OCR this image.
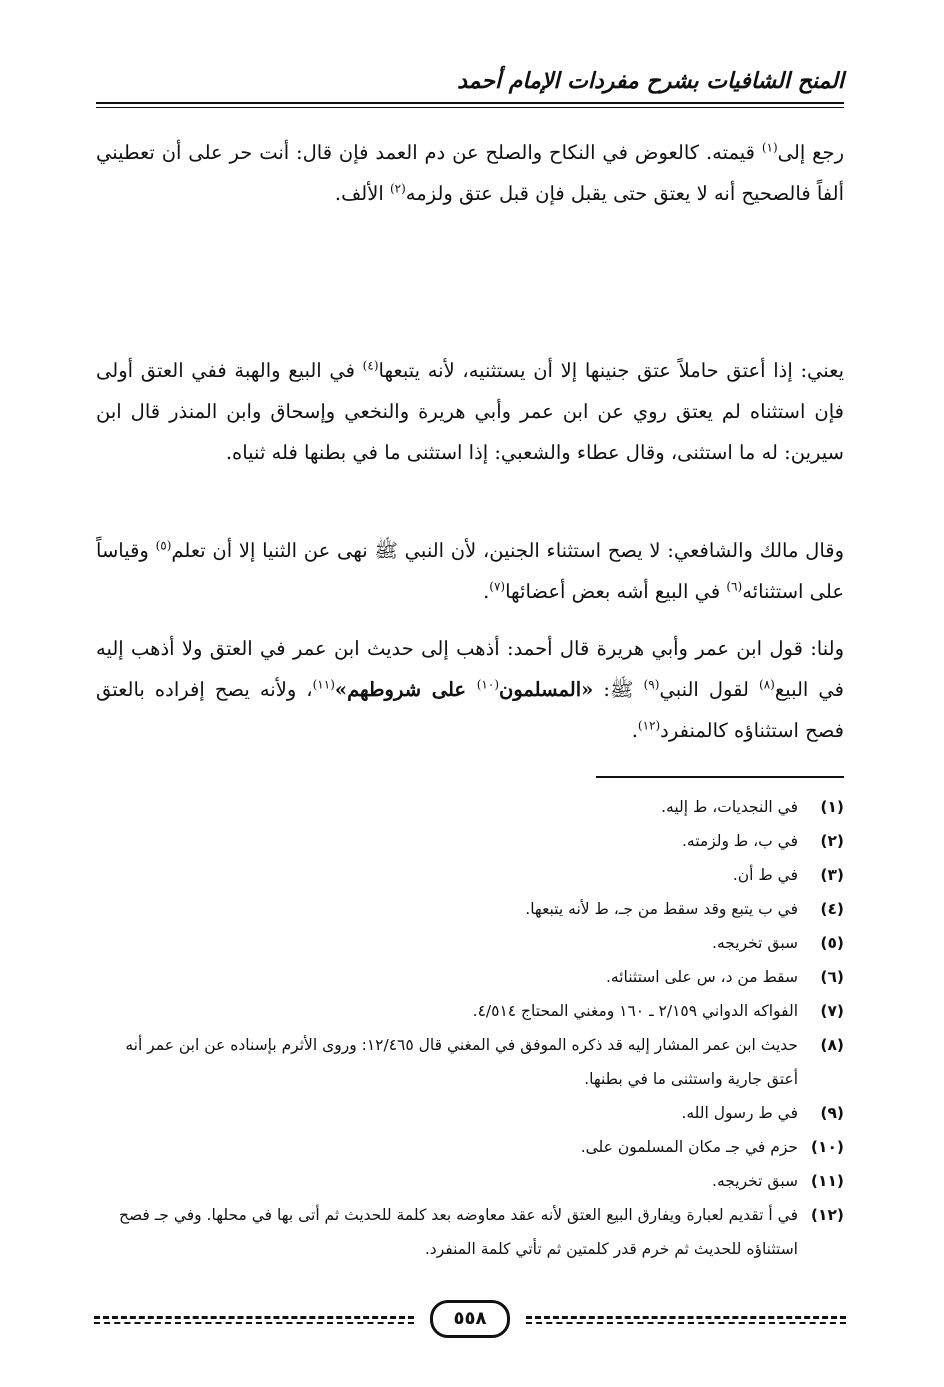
المنح الشافيات بشرح مفردات الإمام أحمد

رجع إلى$^{(١)}$ قيمته. كالعوض في النكاح والصلح عن دم العمد فإن قال: أنت حر على أن تعطيني ألفاً فالصحيح أنه لا يعتق حتى يقبل فإن قبل عتق ولزمه$^{(٢)}$ الألف.

يعني: إذا أعتق حاملاً عتق جنينها إلا أن يستثنيه، لأنه يتبعها$^{(٤)}$ في البيع والهبة ففي العتق أولى فإن استثناه لم يعتق روي عن ابن عمر وأبي هريرة والنخعي وإسحاق وابن المنذر قال ابن سيرين: له ما استثنى، وقال عطاء والشعبي: إذا استثنى ما في بطنها فله ثنياه.

وقال مالك والشافعي: لا يصح استثناء الجنين، لأن النبي ﷺ نهى عن الثنيا إلا أن تعلم$^{(٥)}$ وقياساً على استثنائه$^{(٦)}$ في البيع أشه بعض أعضائها$^{(٧)}$.

ولنا: قول ابن عمر وأبي هريرة قال أحمد: أذهب إلى حديث ابن عمر في العتق ولا أذهب إليه في البيع$^{(٨)}$ لقول النبي$^{(٩)}$ ﷺ: «المسلمون$^{(١٠)}$ على شروطهم»$^{(١١)}$، ولأنه يصح إفراده بالعتق فصح استثناؤه كالمنفرد$^{(١٢)}$.

(١)
في النجديات، ط إليه.
(٢)
في ب، ط ولزمته.
(٣)
في ط أن.
(٤)
في ب يتبع وقد سقط من جـ، ط لأنه يتبعها.
(٥)
سبق تخريجه.
(٦)
سقط من د، س على استثنائه.
(٧)
الفواكه الدواني ٢/١٥٩ ـ ١٦٠ ومغني المحتاج ٤/٥١٤.
(٨)
حديث ابن عمر المشار إليه قد ذكره الموفق في المغني قال ١٢/٤٦٥: وروى الأثرم بإسناده عن ابن عمر أنه أعتق جارية واستثنى ما في بطنها.
(٩)
في ط رسول الله.
(١٠)
حزم في جـ مكان المسلمون على.
(١١)
سبق تخريجه.
(١٢)
في أ تقديم لعبارة ويفارق البيع العتق لأنه عقد معاوضه بعد كلمة للحديث ثم أتى بها في محلها. وفي جـ فصح استثناؤه للحديث ثم خرم قدر كلمتين ثم تأتي كلمة المنفرد.
٥٥٨
